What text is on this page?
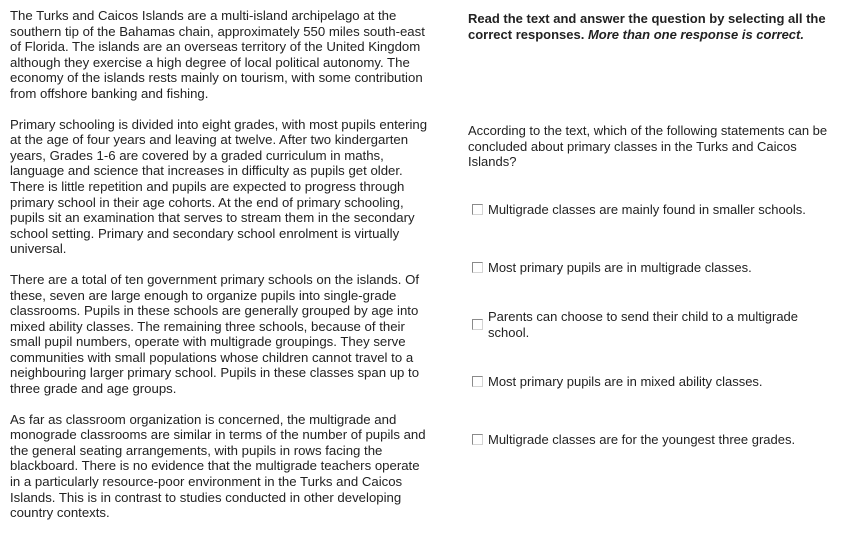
The Turks and Caicos Islands are a multi-island archipelago at the southern tip of the Bahamas chain, approximately 550 miles south-east of Florida. The islands are an overseas territory of the United Kingdom although they exercise a high degree of local political autonomy. The economy of the islands rests mainly on tourism, with some contribution from offshore banking and fishing.

Primary schooling is divided into eight grades, with most pupils entering at the age of four years and leaving at twelve. After two kindergarten years, Grades 1-6 are covered by a graded curriculum in maths, language and science that increases in difficulty as pupils get older. There is little repetition and pupils are expected to progress through primary school in their age cohorts. At the end of primary schooling, pupils sit an examination that serves to stream them in the secondary school setting. Primary and secondary school enrolment is virtually universal.

There are a total of ten government primary schools on the islands. Of these, seven are large enough to organize pupils into single-grade classrooms. Pupils in these schools are generally grouped by age into mixed ability classes. The remaining three schools, because of their small pupil numbers, operate with multigrade groupings. They serve communities with small populations whose children cannot travel to a neighbouring larger primary school. Pupils in these classes span up to three grade and age groups.

As far as classroom organization is concerned, the multigrade and monograde classrooms are similar in terms of the number of pupils and the general seating arrangements, with pupils in rows facing the blackboard. There is no evidence that the multigrade teachers operate in a particularly resource-poor environment in the Turks and Caicos Islands. This is in contrast to studies conducted in other developing country contexts.

Read the text and answer the question by selecting all the correct responses. More than one response is correct.
According to the text, which of the following statements can be concluded about primary classes in the Turks and Caicos Islands?
Multigrade classes are mainly found in smaller schools.
Most primary pupils are in multigrade classes.
Parents can choose to send their child to a multigrade school.
Most primary pupils are in mixed ability classes.
Multigrade classes are for the youngest three grades.
